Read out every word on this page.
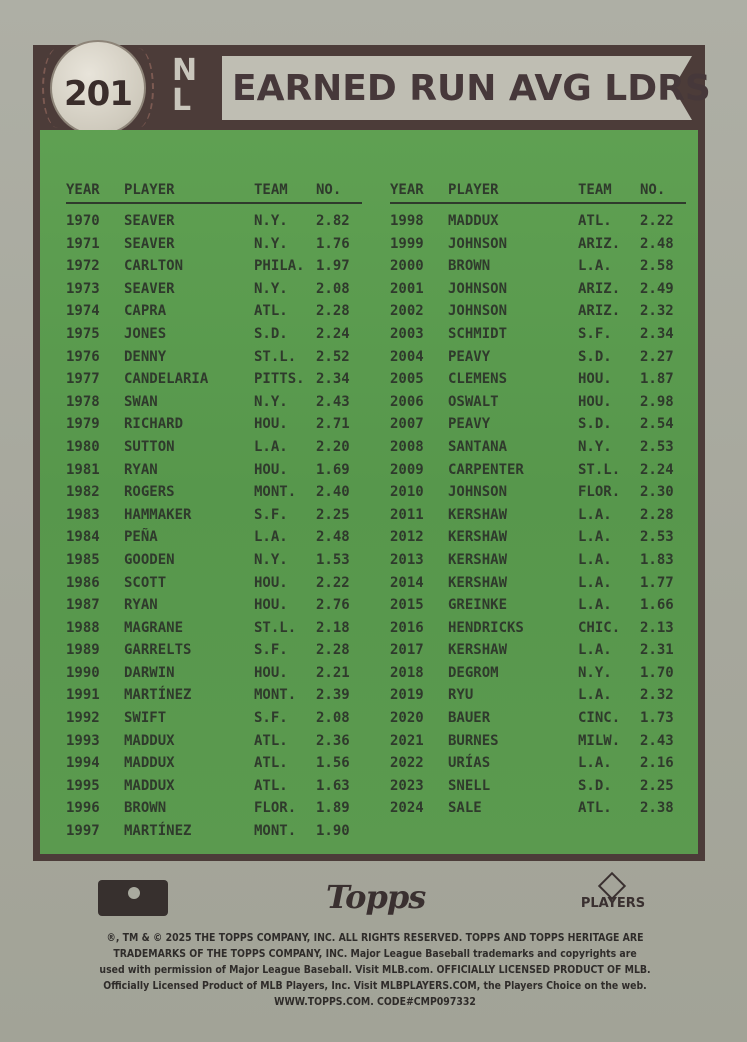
EARNED RUN AVG LDRS
N
L
201
YEAR PLAYER	TEAM NO.
1970 SEAVER	N.Y. 2.82
1971 SEAVER	N.Y. 1.76
1972 CARLTON	PHILA. 1.97
1973 SEAVER	N.Y. 2.08
1974 CAPRA	ATL. 2.28
1975 JONES	S.D. 2.24
1976 DENNY	ST.L. 2.52
1977 CANDELARIA	PITTS. 2.34
1978 SWAN	N.Y. 2.43
1979 RICHARD	HOU. 2.71
1980 SUTTON	L.A. 2.20
1981 RYAN	HOU. 1.69
1982 ROGERS	MONT. 2.40
1983 HAMMAKER	S.F. 2.25
1984 PEÑA	L.A. 2.48
1985 GOODEN	N.Y. 1.53
1986 SCOTT	HOU. 2.22
1987 RYAN	HOU. 2.76
1988 MAGRANE	ST.L. 2.18
1989 GARRELTS	S.F. 2.28
1990 DARWIN	HOU. 2.21
1991 MARTÍNEZ	MONT. 2.39
1992 SWIFT	S.F. 2.08
1993 MADDUX	ATL. 2.36
1994 MADDUX	ATL. 1.56
1995 MADDUX	ATL. 1.63
1996 BROWN	FLOR. 1.89
1997 MARTÍNEZ	MONT. 1.90
YEAR PLAYER	TEAM NO.
1998 MADDUX	ATL. 2.22
1999 JOHNSON	ARIZ. 2.48
2000 BROWN	L.A. 2.58
2001 JOHNSON	ARIZ. 2.49
2002 JOHNSON	ARIZ. 2.32
2003 SCHMIDT	S.F. 2.34
2004 PEAVY	S.D. 2.27
2005 CLEMENS	HOU. 1.87
2006 OSWALT	HOU. 2.98
2007 PEAVY	S.D. 2.54
2008 SANTANA	N.Y. 2.53
2009 CARPENTER	ST.L. 2.24
2010 JOHNSON	FLOR. 2.30
2011 KERSHAW	L.A. 2.28
2012 KERSHAW	L.A. 2.53
2013 KERSHAW	L.A. 1.83
2014 KERSHAW	L.A. 1.77
2015 GREINKE	L.A. 1.66
2016 HENDRICKS	CHIC. 2.13
2017 KERSHAW	L.A. 2.31
2018 DEGROM	N.Y. 1.70
2019 RYU	L.A. 2.32
2020 BAUER	CINC. 1.73
2021 BURNES	MILW. 2.43
2022 URÍAS	L.A. 2.16
2023 SNELL	S.D. 2.25
2024 SALE	ATL. 2.38
Topps	PLAYERS
®, TM & © 2025 THE TOPPS COMPANY, INC. ALL RIGHTS RESERVED. TOPPS AND TOPPS HERITAGE ARE
TRADEMARKS OF THE TOPPS COMPANY, INC. Major League Baseball trademarks and copyrights are
used with permission of Major League Baseball. Visit MLB.com. OFFICIALLY LICENSED PRODUCT OF MLB.
Officially Licensed Product of MLB Players, Inc. Visit MLBPLAYERS.COM, the Players Choice on the web.
WWW.TOPPS.COM. CODE#CMP097332
